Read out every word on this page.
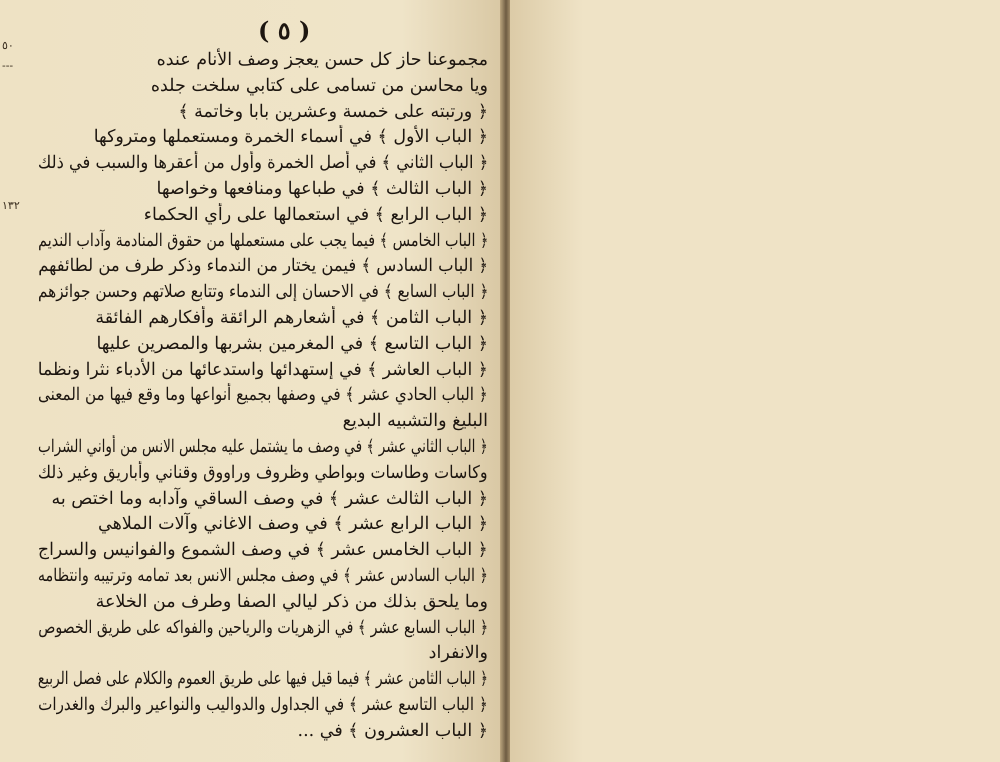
( ٥ )
٥٠
---
١٣٢
مجموعنا حاز كل حسن يعجز وصف الأنام عنده
ويا محاسن من تسامى على كتابي سلخت جلده
﴿ ورتبته على خمسة وعشرين بابا وخاتمة ﴾
﴿ الباب الأول ﴾ في أسماء الخمرة ومستعملها ومتروكها
﴿ الباب الثاني ﴾ في أصل الخمرة وأول من أعقرها والسبب في ذلك
﴿ الباب الثالث ﴾ في طباعها ومنافعها وخواصها
﴿ الباب الرابع ﴾ في استعمالها على رأي الحكماء
﴿ الباب الخامس ﴾ فيما يجب على مستعملها من حقوق المنادمة وآداب النديم
﴿ الباب السادس ﴾ فيمن يختار من الندماء وذكر طرف من لطائفهم
﴿ الباب السابع ﴾ في الاحسان إلى الندماء وتتابع صلاتهم وحسن جوائزهم
﴿ الباب الثامن ﴾ في أشعارهم الرائقة وأفكارهم الفائقة
﴿ الباب التاسع ﴾ في المغرمين بشربها والمصرين عليها
﴿ الباب العاشر ﴾ في إستهدائها واستدعائها من الأدباء نثرا ونظما
﴿ الباب الحادي عشر ﴾ في وصفها بجميع أنواعها وما وقع فيها من المعنى
البليغ والتشبيه البديع
﴿ الباب الثاني عشر ﴾ في وصف ما يشتمل عليه مجلس الانس من أواني الشراب
وكاسات وطاسات وبواطي وظروف وراووق وقناني وأباريق وغير ذلك
﴿ الباب الثالث عشر ﴾ في وصف الساقي وآدابه وما اختص به
﴿ الباب الرابع عشر ﴾ في وصف الاغاني وآلات الملاهي
﴿ الباب الخامس عشر ﴾ في وصف الشموع والفوانيس والسراج
﴿ الباب السادس عشر ﴾ في وصف مجلس الانس بعد تمامه وترتيبه وانتظامه
وما يلحق بذلك من ذكر ليالي الصفا وطرف من الخلاعة
﴿ الباب السابع عشر ﴾ في الزهريات والرياحين والفواكه على طريق الخصوص
والانفراد
﴿ الباب الثامن عشر ﴾ فيما قيل فيها على طريق العموم والكلام على فصل الربيع
﴿ الباب التاسع عشر ﴾ في الجداول والدواليب والنواعير والبرك والغدرات
﴿ الباب العشرون ﴾ في ...
